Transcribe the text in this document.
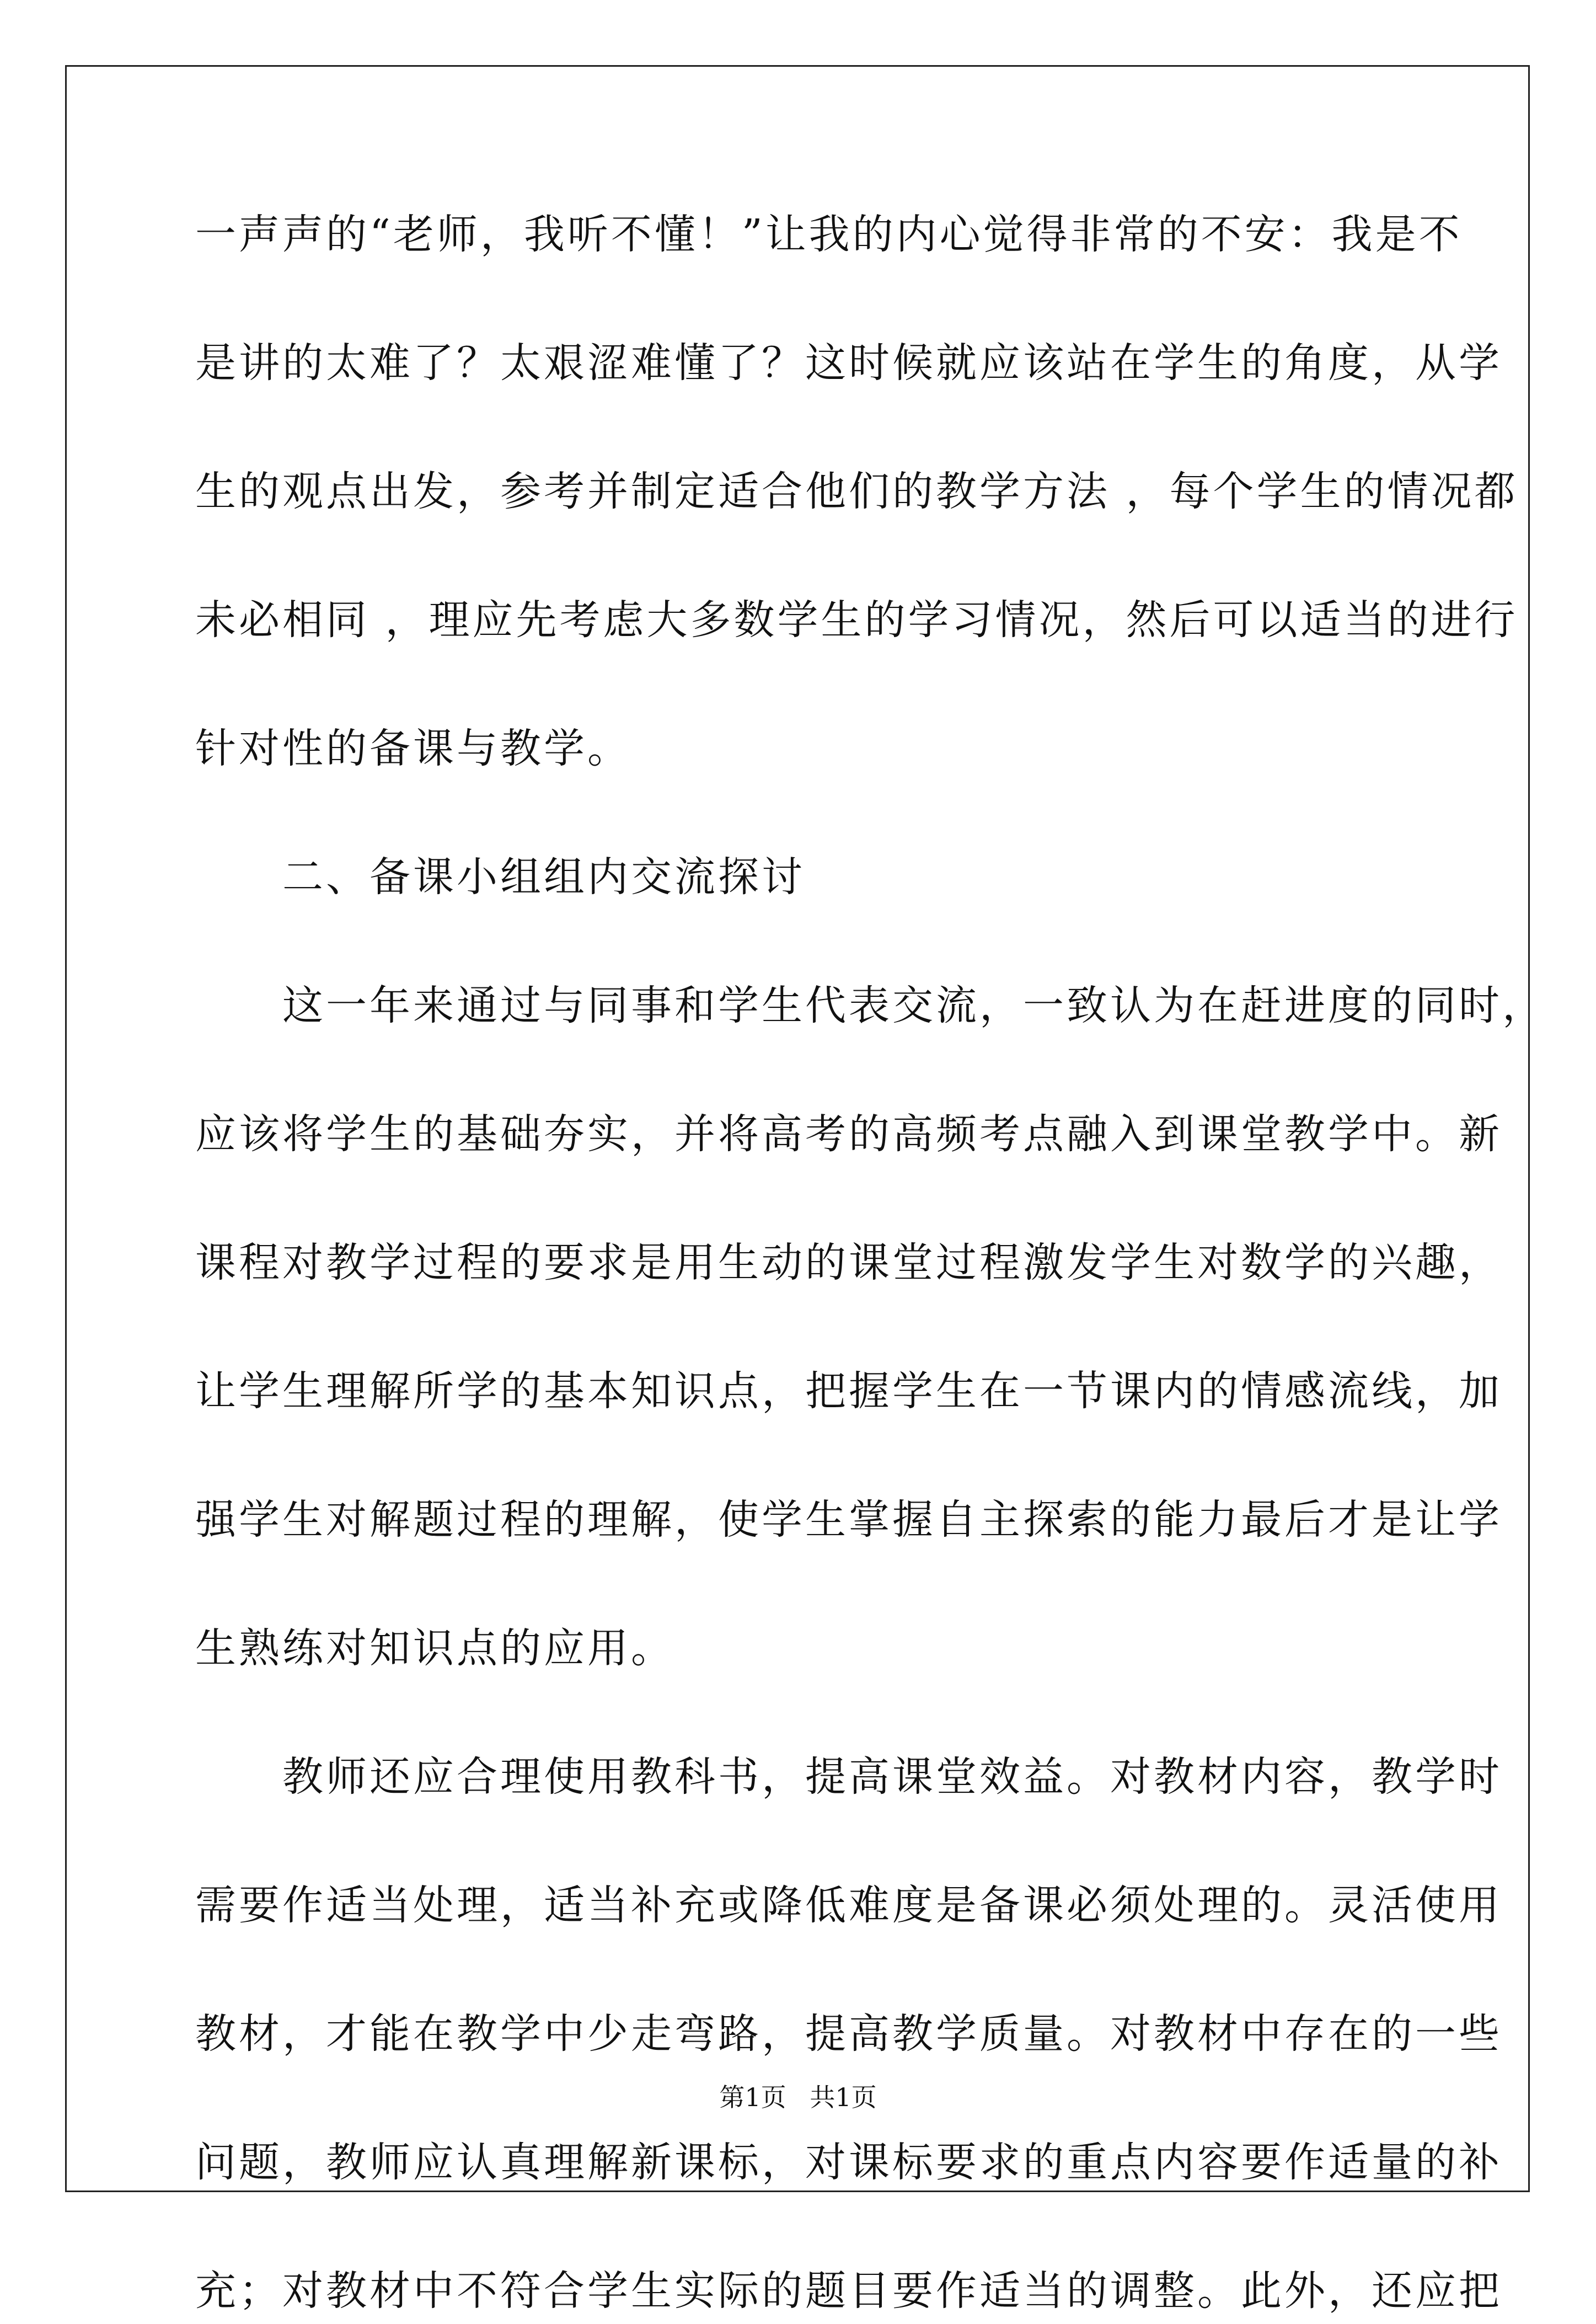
一声声的“老师，我听不懂！”让我的内心觉得非常的不安：我是不
是讲的太难了？太艰涩难懂了？这时候就应该站在学生的角度，从学
生的观点出发，参考并制定适合他们的教学方法 ，每个学生的情况都
未必相同 ，理应先考虑大多数学生的学习情况，然后可以适当的进行
针对性的备课与教学。
　　二、备课小组组内交流探讨
　　这一年来通过与同事和学生代表交流，一致认为在赶进度的同时，
应该将学生的基础夯实，并将高考的高频考点融入到课堂教学中。新
课程对教学过程的要求是用生动的课堂过程激发学生对数学的兴趣，
让学生理解所学的基本知识点，把握学生在一节课内的情感流线，加
强学生对解题过程的理解，使学生掌握自主探索的能力最后才是让学
生熟练对知识点的应用。
　　教师还应合理使用教科书，提高课堂效益。对教材内容，教学时
需要作适当处理，适当补充或降低难度是备课必须处理的。灵活使用
教材，才能在教学中少走弯路，提高教学质量。对教材中存在的一些
问题，教师应认真理解新课标，对课标要求的重点内容要作适量的补
充；对教材中不符合学生实际的题目要作适当的调整。此外，还应把
第1页 共1页
